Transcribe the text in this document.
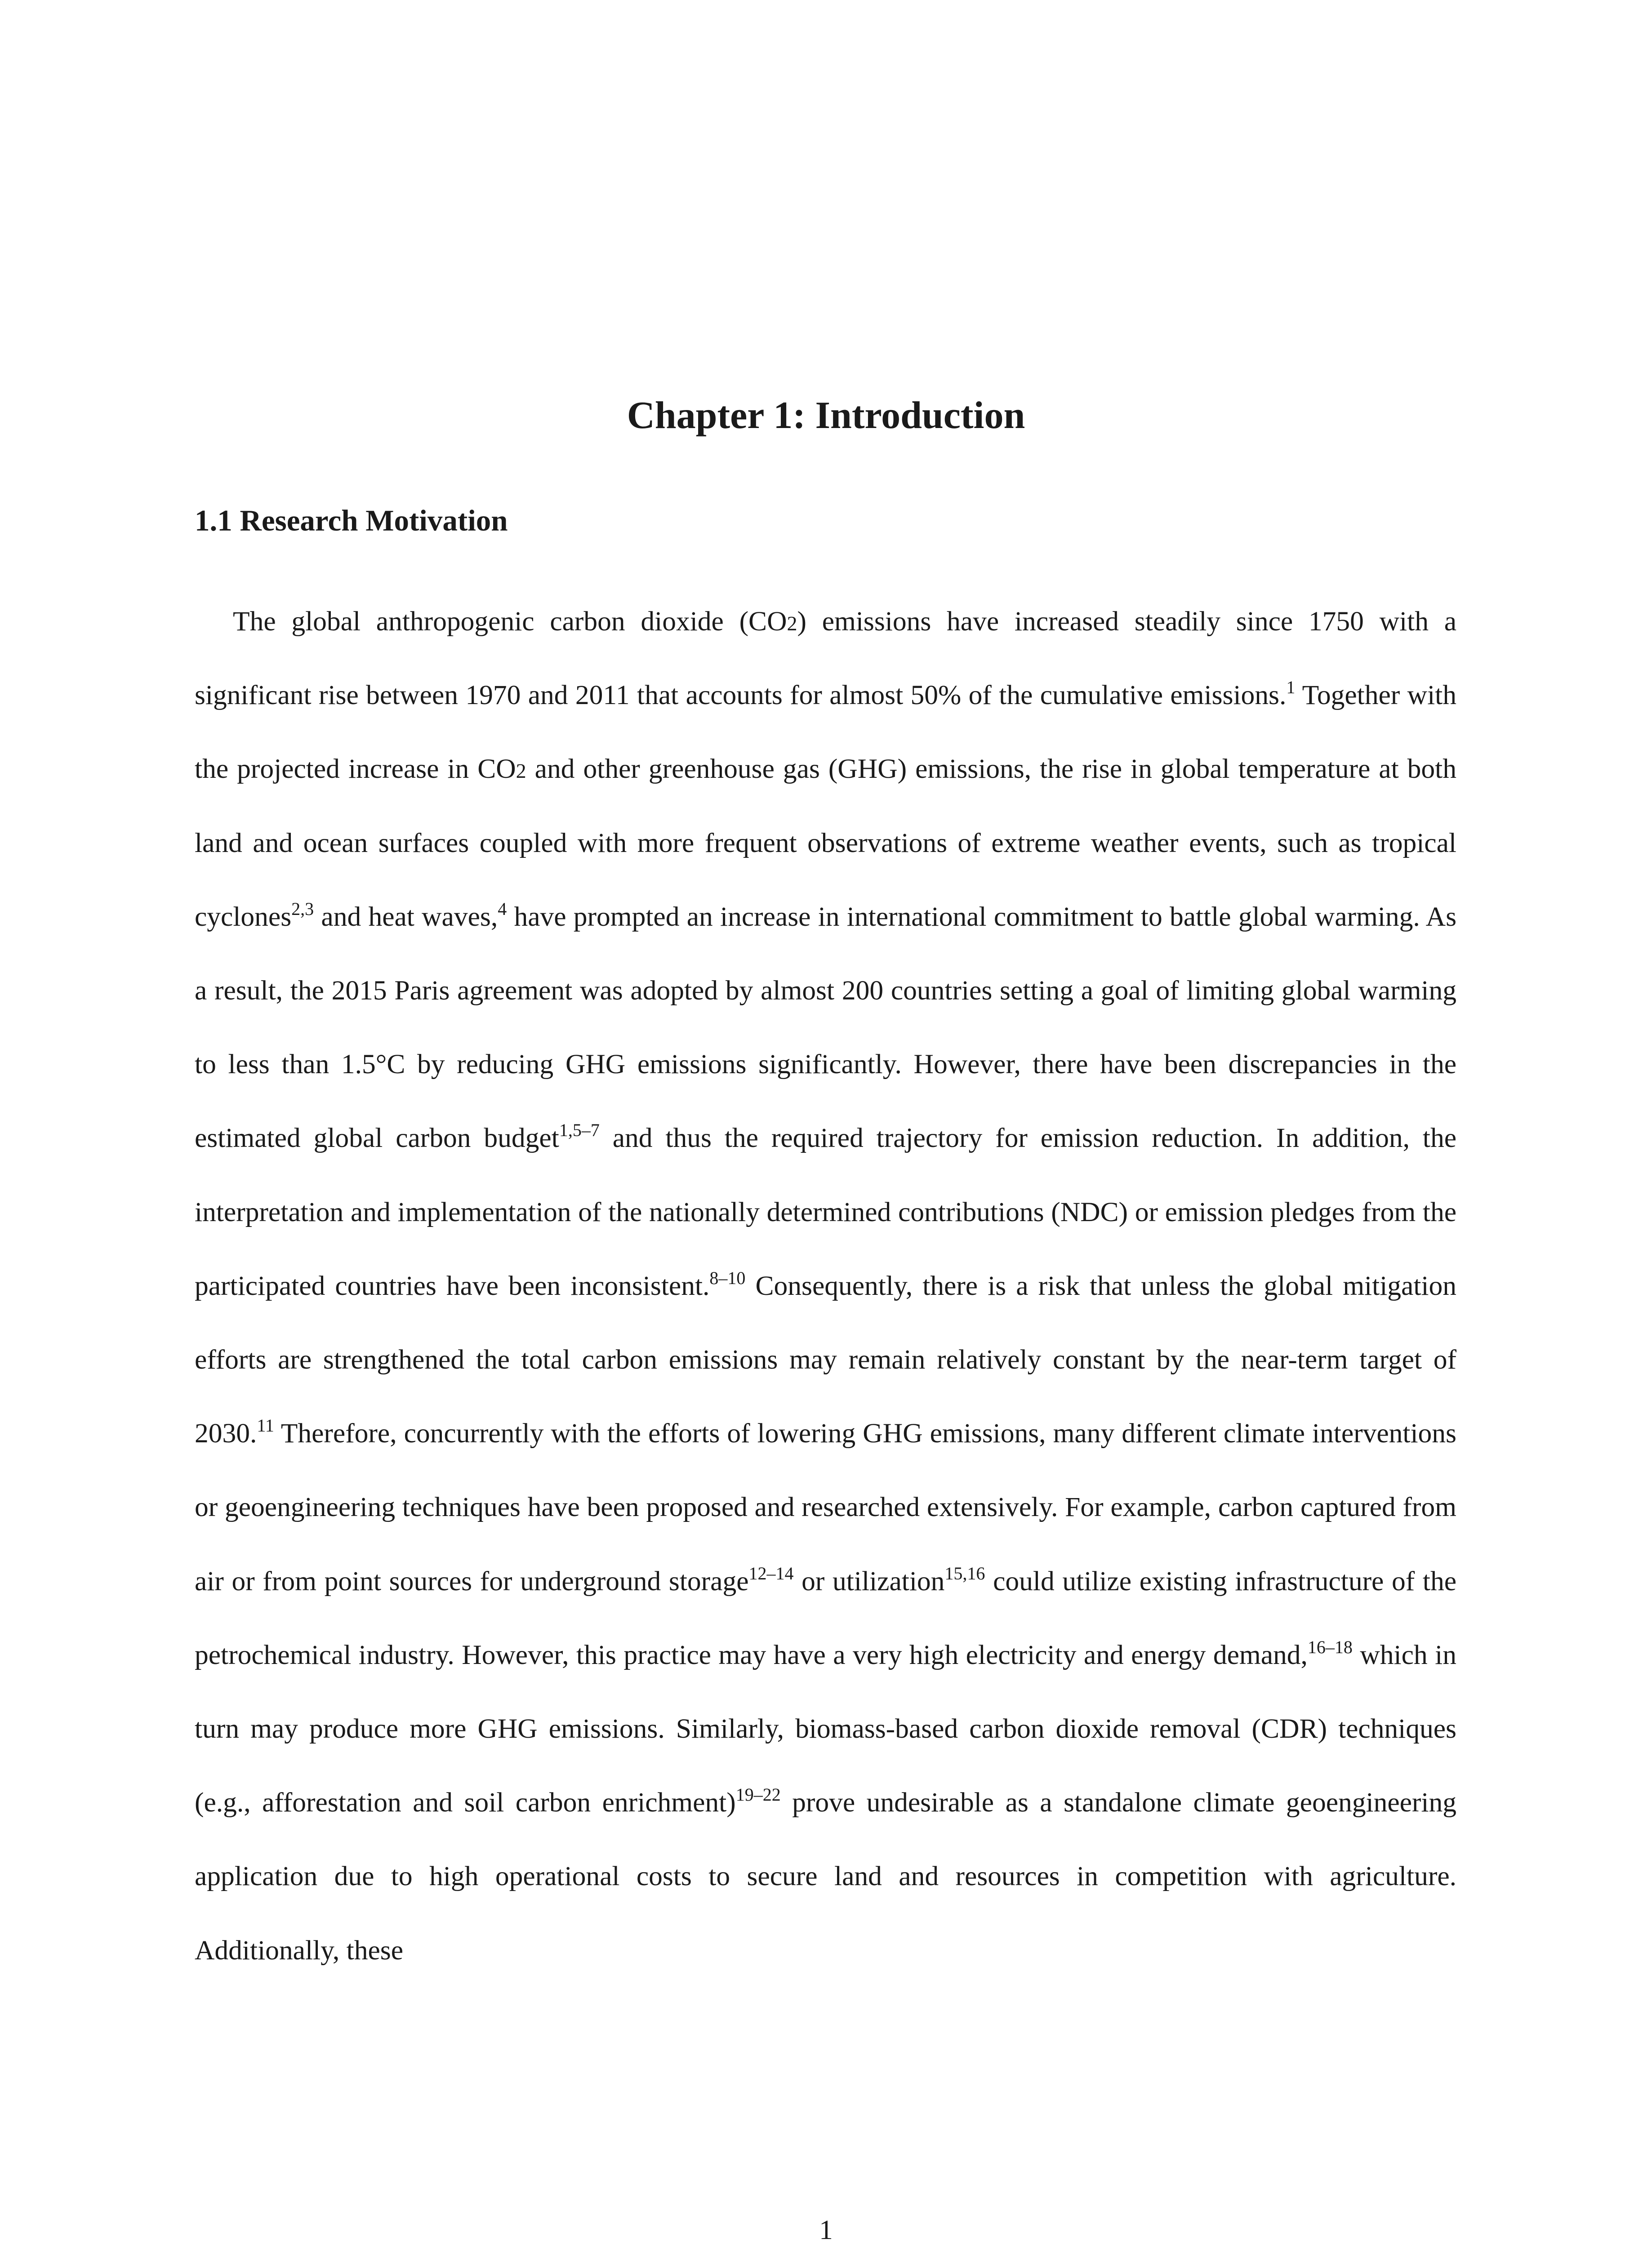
Chapter 1: Introduction
1.1 Research Motivation

The global anthropogenic carbon dioxide (CO2) emissions have increased steadily since 1750 with a significant rise between 1970 and 2011 that accounts for almost 50% of the cumulative emissions.$^1$ Together with the projected increase in CO2 and other greenhouse gas (GHG) emissions, the rise in global temperature at both land and ocean surfaces coupled with more frequent observations of extreme weather events, such as tropical cyclones$^{2,3}$ and heat waves,$^4$ have prompted an increase in international commitment to battle global warming. As a result, the 2015 Paris agreement was adopted by almost 200 countries setting a goal of limiting global warming to less than 1.5°C by reducing GHG emissions significantly. However, there have been discrepancies in the estimated global carbon budget$^{1,5-7}$ and thus the required trajectory for emission reduction. In addition, the interpretation and implementation of the nationally determined contributions (NDC) or emission pledges from the participated countries have been inconsistent.$^{8-10}$ Consequently, there is a risk that unless the global mitigation efforts are strengthened the total carbon emissions may remain relatively constant by the near-term target of 2030.11 Therefore, concurrently with the efforts of lowering GHG emissions, many different climate interventions or geoengineering techniques have been proposed and researched extensively. For example, carbon captured from air or from point sources for underground storage$^{12-14}$ or utilization$^{15,16}$ could utilize existing infrastructure of the petrochemical industry. However, this practice may have a very high electricity and energy demand,$^{16-18}$ which in turn may produce more GHG emissions. Similarly, biomass-based carbon dioxide removal (CDR) techniques (e.g., afforestation and soil carbon enrichment)$^{19-22}$ prove undesirable as a standalone climate geoengineering application due to high operational costs to secure land and resources in competition with agriculture. Additionally, these

1
